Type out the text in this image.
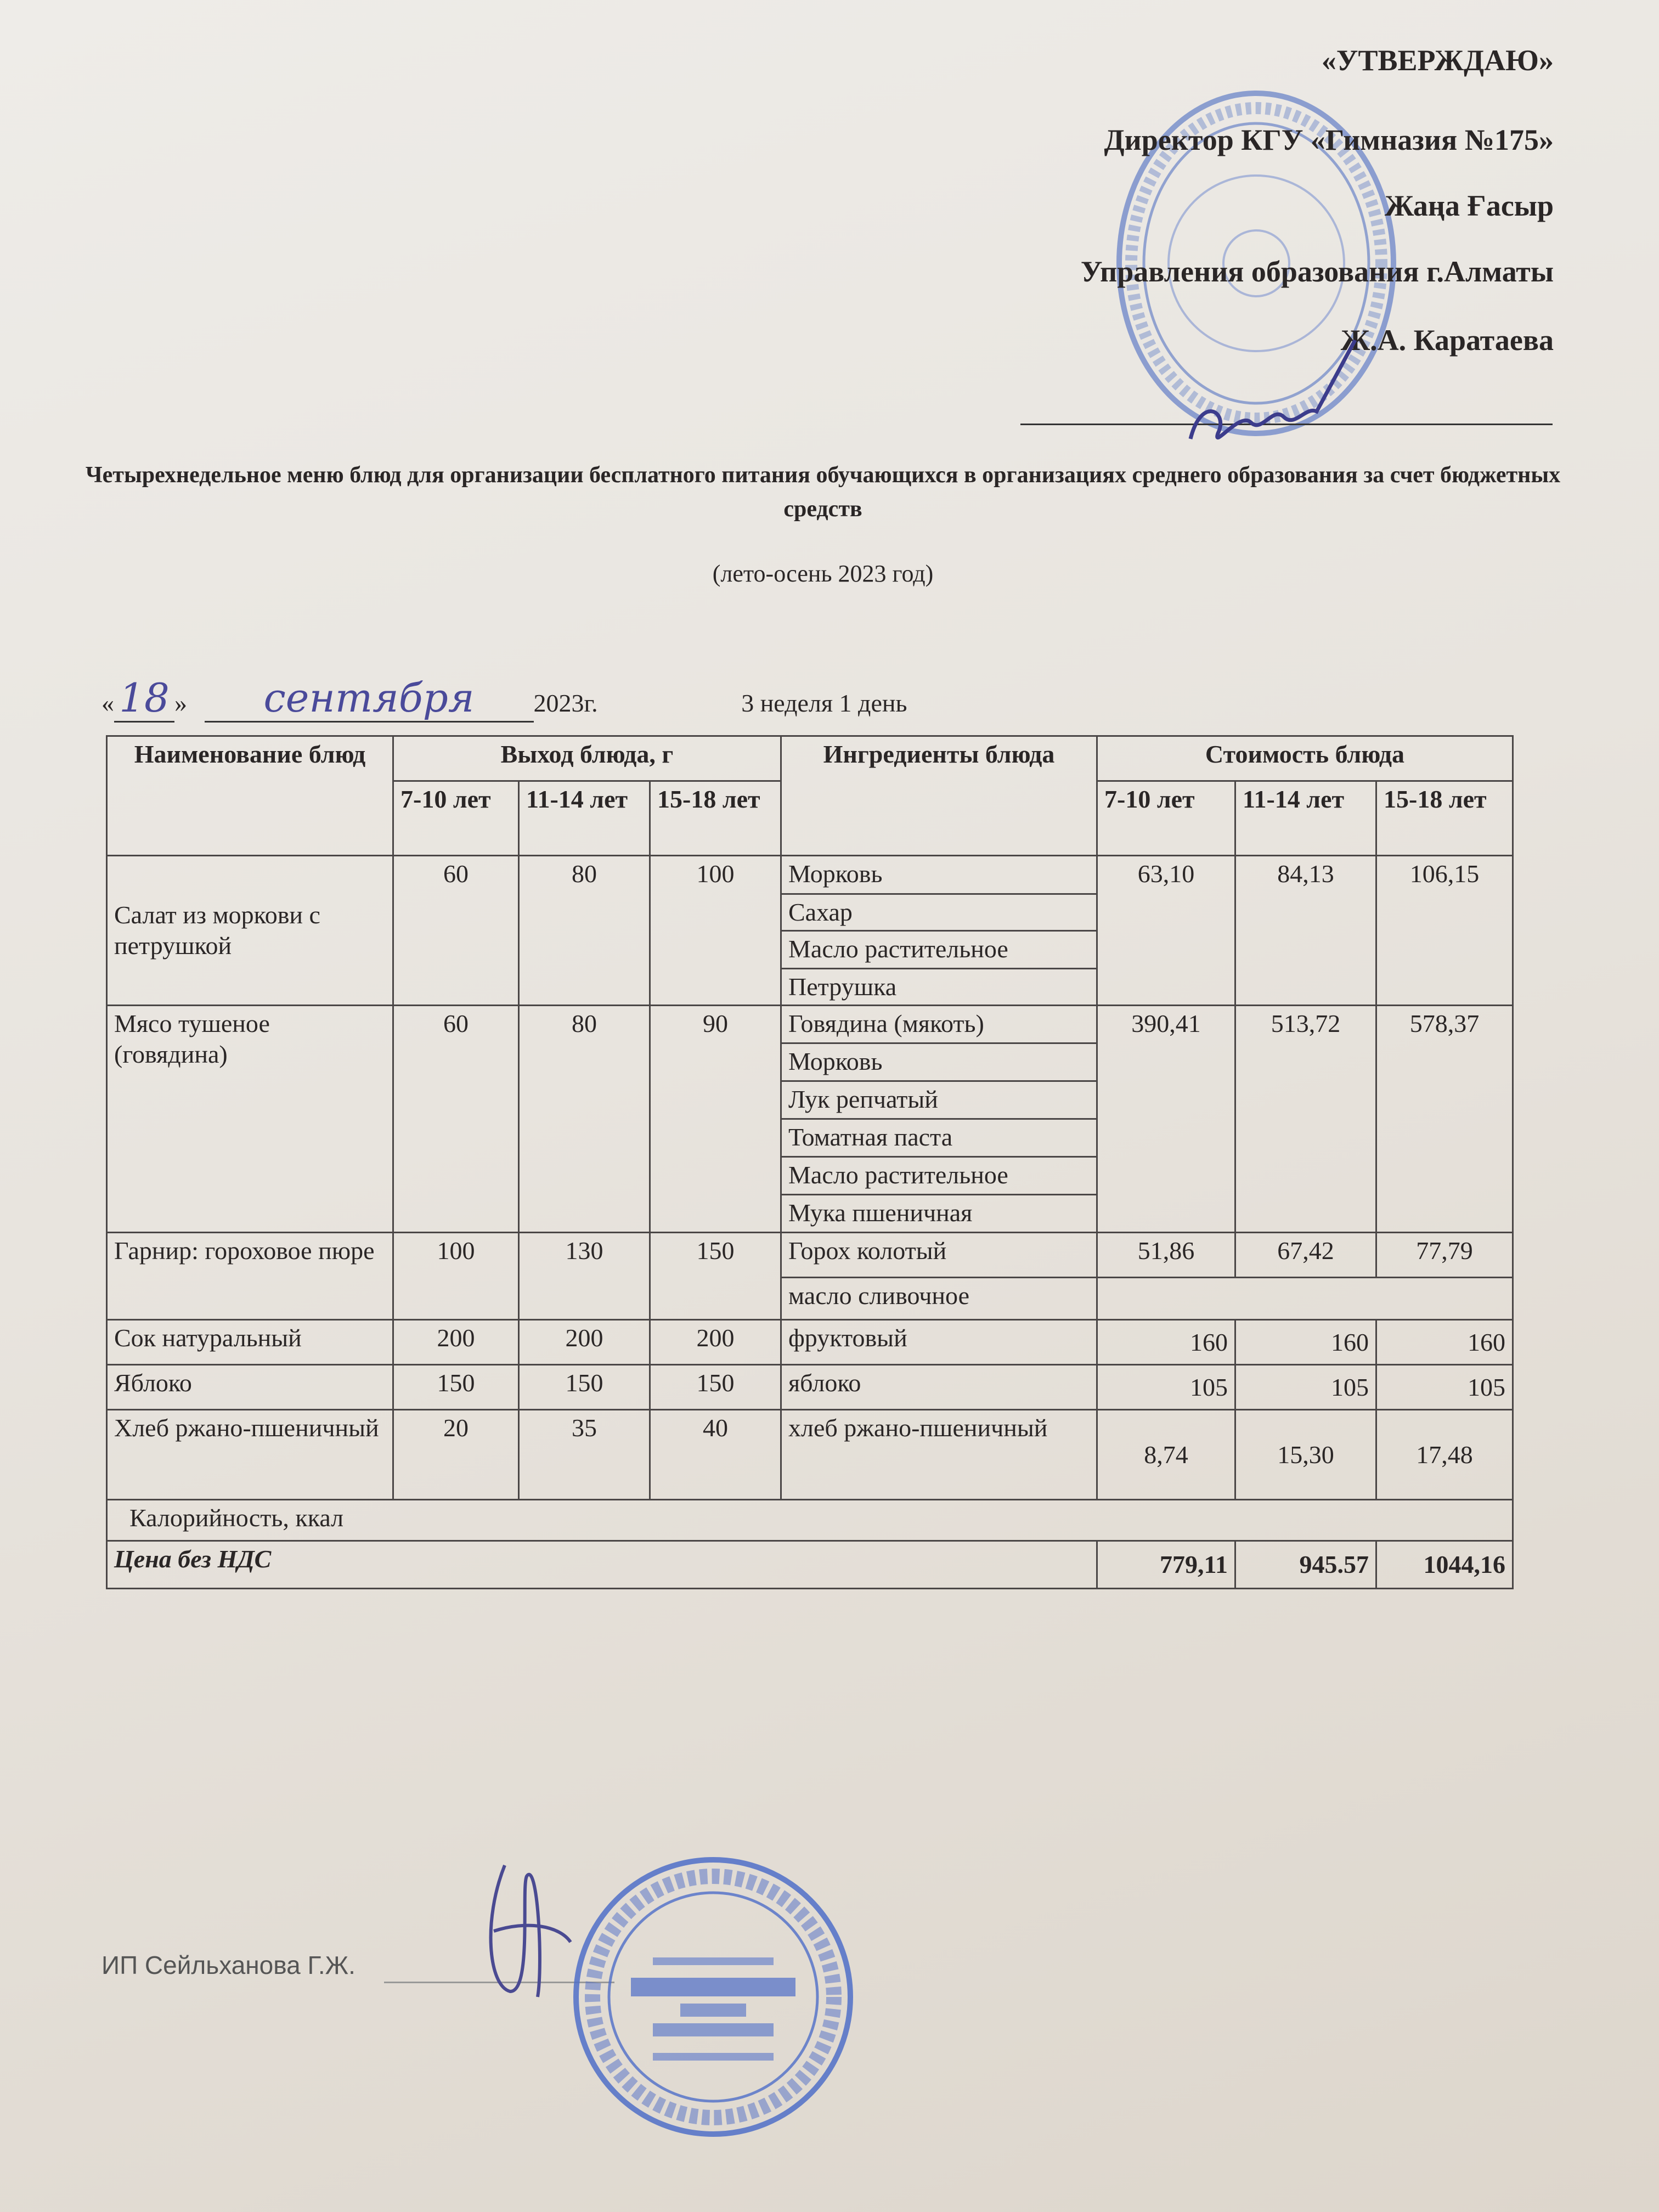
«УТВЕРЖДАЮ»
Директор КГУ «Гимназия №175»
Жаңа Ғасыр
Управления образования г.Алматы
Ж.А. Каратаева
Четырехнедельное меню блюд для организации бесплатного питания обучающихся в организациях среднего образования за счет бюджетных средств
(лето-осень 2023 год)
« 18 » сентября 2023г.	3 неделя 1 день
Наименование блюд	Выход блюда, г			Ингредиенты блюда	Стоимость блюда		
	7-10 лет	11-14 лет	15-18 лет		7-10 лет	11-14 лет	15-18 лет
Салат из моркови с петрушкой	60	80	100	Морковь	63,10	84,13	106,15
				Сахар			
				Масло растительное			
				Петрушка			
Мясо тушеное (говядина)	60	80	90	Говядина (мякоть)	390,41	513,72	578,37
				Морковь			
				Лук репчатый			
				Томатная паста			
				Масло растительное			
				Мука пшеничная			
Гарнир: гороховое пюре	100	130	150	Горох колотый	51,86	67,42	77,79
				масло сливочное			
Сок натуральный	200	200	200	фруктовый	160	160	160
Яблоко	150	150	150	яблоко	105	105	105
Хлеб ржано-пшеничный	20	35	40	хлеб ржано-пшеничный	8,74	15,30	17,48
Калорийность, ккал							
Цена без НДС					779,11	945.57	1044,16
ИП Сейльханова Г.Ж.
